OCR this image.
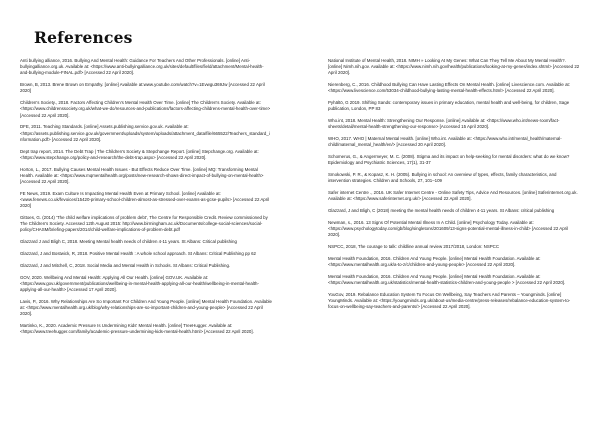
References

Anti bullying alliance, 2016. Bullying And Mental Health: Guidance For Teachers And Other Professionals. [online] Anti-bullyingalliance.org.uk. Available at: <https://www.anti-bullyingalliance.org.uk/sites/default/files/field/attachment/Mental-health-and-bullying-module-FINAL.pdf> [Accessed 22 April 2020].

Brown, B, 2013. Brene Brown on Empathy. [online] Available at:www.youtube.com/watch?v=1Evwgu369Jw [Accessed 22 April 2020]

Children's Society., 2018. Factors Affecting Children's Mental Health Over Time. [online] The Children's Society. Available at: <https://www.childrenssociety.org.uk/what-we-do/resources-and-publications/factors-affecting-childrens-mental-health-over-time> [Accessed 22 April 2020].

DFE, 2011. Teaching Standards. [online] Assets.publishing.service.gov.uk. Available at: <https://assets.publishing.service.gov.uk/government/uploads/system/uploads/attachment_data/file/665522/Teachers_standard_information.pdf> [Accessed 22 April 2020].

Dept trap report, 2014. The Debt Trap | The Children's Society & Stepchange Report. [online] Stepchange.org. Available at: <https://www.stepchange.org/policy-and-research/the-debt-trap.aspx> [Accessed 22 April 2020].

Horton, L., 2017. Bullying Causes Mental Health Issues - But Effects Reduce Over Time. [online] MQ: Transforming Mental Health. Available at: <https://www.mqmentalhealth.org/posts/new-research-shows-direct-impact-of-bullying-on-mental-health> [Accessed 22 April 2020].

FE News, 2019. Exam Culture Is Impacting Mental Health Even at Primary School. [online] Available at: <www.fenews.co.uk/fevoices/15420-primary-school-children-almost-as-stressed-over-exams-as-gcse-pupils> [Accessed 22 April 2020]

Gittoes, G. (2014) 'The child welfare implications of problem debt', The Centre for Responsible Credit. Review commissioned by The Children's Society. Accessed 12th August 2015: http://www.birmingham.ac.uk/Documents/college-social-sciences/social-policy/CHASM/briefing-papers/2014/child-welfare-implications-of-problem-debt.pdf

Glazzard J and Bligh C, 2018. Meeting Mental health needs of children 4-11 years. St Albans: Critical publishing

Glazzard, J and Bostwick, R, 2018. Positive Mental Health : A whole school approach. St Albans: Critical Publishing pp 62

Glazzard, J and Mitchell, C, 2018. Social Media and Mental Health in Schools. St Albans: Critical Publishing.

GOV, 2020. Wellbeing And Mental Health: Applying All Our Health. [online] GOV.UK. Available at: <https://www.gov.uk/government/publications/wellbeing-in-mental-health-applying-all-our-health/wellbeing-in-mental-health-applying-all-our-health> [Accessed 17 April 2020].

Lavis, P., 2016. Why Relationships Are So Important For Children And Young People. [online] Mental Health Foundation. Available at: <https://www.mentalhealth.org.uk/blog/why-relationships-are-so-important-children-and-young-people> [Accessed 22 April 2020].

Martinko, K., 2020. Academic Pressure Is Undermining Kids' Mental Health. [online] TreeHugger. Available at: <https://www.treehugger.com/family/academic-pressure-undermining-kids-mental-health.html> [Accessed 22 April 2020].

National Institute of Mental Health, 2018. NIMH » Looking At My Genes: What Can They Tell Me About My Mental Health?. [online] Nimh.nih.gov. Available at: <https://www.nimh.nih.gov/health/publications/looking-at-my-genes/index.shtml> [Accessed 22 April 2020].

Nierenberg, C., 2016. Childhood Bullying Can Have Lasting Effects On Mental Health. [online] Livescience.com. Available at: <https://www.livescience.com/53034-childhood-bullying-lasting-mental-health-effects.html> [Accessed 22 April 2020].

Pyhältö, G 2019. Shifting Sands: contemporary issues in primary education, mental health and well-being, for children, Sage publication, London, PP 83

Who.int, 2018. Mental Health: Strengthening Our Response. [online] Available at: <https://www.who.int/news-room/fact-sheets/detail/mental-health-strengthening-our-response> [Accessed 15 April 2020].

WHO, 2017. WHO | Maternal Mental Health. [online] Who.int. Available at: <https://www.who.int/mental_health/maternal-child/maternal_mental_health/en/> [Accessed 20 April 2020].

Schomerus, G., & Angermeyer, M. C. (2008). Stigma and its impact on help-seeking for mental disorders: what do we know? Epidemiology and Psychiatric Sciences, 17(1), 31-37

Smokowski, P. R., & Kopasz, K. H. (2005). Bullying in school: An overview of types, effects, family characteristics, and intervention strategies. Children and Schools, 27, 101–109

Safer internet Centre ., 2016. UK Safer Internet Centre - Online Safety Tips, Advice And Resources. [online] Saferinternet.org.uk. Available at: <https://www.saferinternet.org.uk/> [Accessed 22 April 2020].

Glazzard, J and Bligh, C (2018) meeting the mental health needs of children 4-11 years. St Albans: critical publishing

Newman, s., 2016. 13 Signs Of Potential Mental Illness In A Child. [online] Psychology Today. Available at: <https://www.psychologytoday.com/gb/blog/singletons/201609/13-signs-potential-mental-illness-in-child> [Accessed 22 April 2020].

NSPCC, 2018, The courage to talk: childline annual review 2017/2018, London: NSPCC

Mental Health Foundation, 2016. Children And Young People. [online] Mental Health Foundation. Available at: <https://www.mentalhealth.org.uk/a-to-z/c/children-and-young-people> [Accessed 22 April 2020].

Mental Health Foundation, 2016. Children And Young People. [online] Mental Health Foundation. Available at: <https://www.mentalhealth.org.uk/statistics/mental-health-statistics-children-and-young-people > [Accessed 22 April 2020].

YouGov, 2019. Rebalance Education System To Focus On Wellbeing, Say Teachers And Parents – Youngminds. [online] YoungMinds. Available at: <https://youngminds.org.uk/about-us/media-centre/press-releases/rebalance-education-system-to-focus-on-wellbeing-say-teachers-and-parents/> [Accessed 22 April 2020].
